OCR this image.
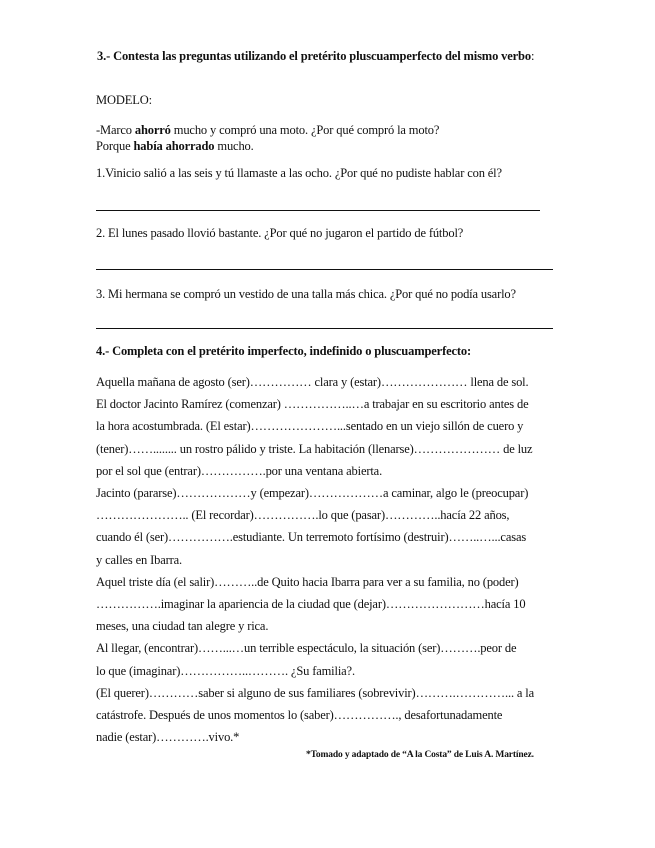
3.- Contesta las preguntas utilizando el pretérito pluscuamperfecto del mismo verbo:
MODELO:
-Marco ahorró mucho y compró una moto. ¿Por qué compró la moto?
Porque había ahorrado mucho.
1.Vinicio salió a las seis y tú llamaste a las ocho. ¿Por qué no pudiste hablar con él?
2. El lunes pasado llovió bastante. ¿Por qué no jugaron el partido de fútbol?
3. Mi hermana se compró un vestido de una talla más chica. ¿Por qué no podía usarlo?
4.- Completa con el pretérito imperfecto, indefinido o pluscuamperfecto:
Aquella mañana de agosto (ser)…………… clara y (estar)………………… llena de sol.
El doctor Jacinto Ramírez (comenzar) ……………..…a trabajar en su escritorio antes de
la hora acostumbrada. (El estar)…………………...sentado en un viejo sillón de cuero y
(tener)……........ un rostro pálido y triste. La habitación (llenarse)………………… de luz
por el sol que (entrar)…………….por una ventana abierta.
Jacinto (pararse)………………y (empezar)………………a caminar, algo le (preocupar)
………………….. (El recordar)…………….lo que (pasar)…………..hacía 22 años,
cuando él (ser)…………….estudiante. Un terremoto fortísimo (destruir)……..…...casas
y calles en Ibarra.
Aquel triste día (el salir)………..de Quito hacia Ibarra para ver a su familia, no (poder)
…………….imaginar la apariencia de la ciudad que (dejar)……………………hacía 10
meses, una ciudad tan alegre y rica.
Al llegar, (encontrar)……...…un terrible espectáculo, la situación (ser)……….peor de
lo que (imaginar)……………..………. ¿Su familia?.
(El querer)…………saber si alguno de sus familiares (sobrevivir)……….…………... a la
catástrofe. Después de unos momentos lo (saber)……………., desafortunadamente
nadie (estar)………….vivo.*
*Tomado y adaptado de “A la Costa” de Luis A. Martínez.
